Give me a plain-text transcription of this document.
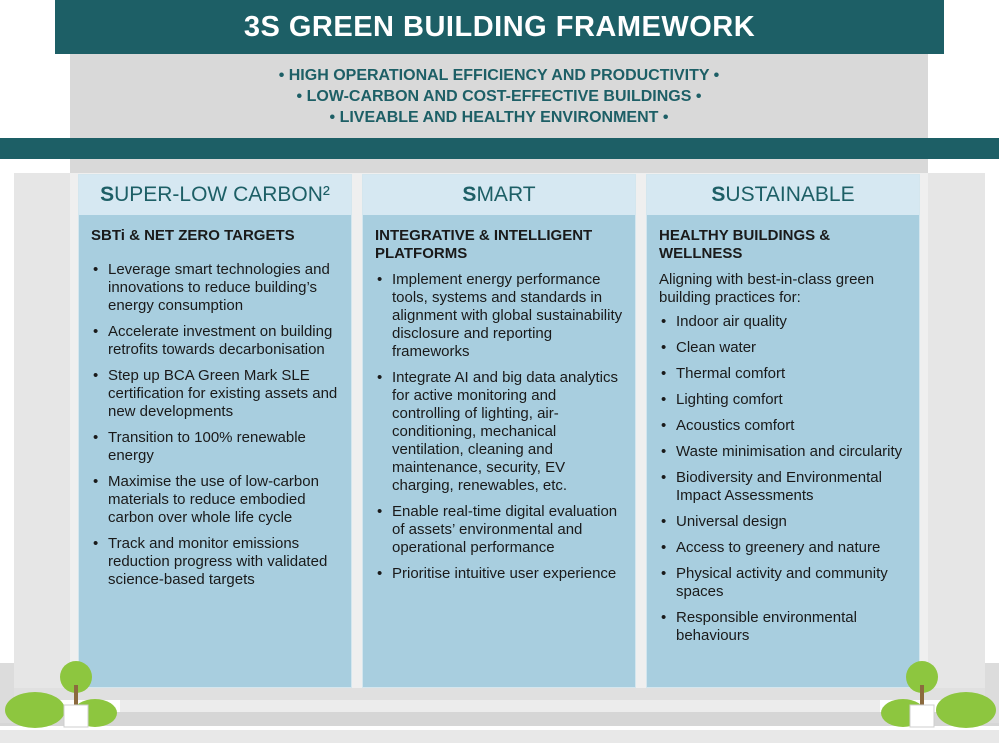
3S GREEN BUILDING FRAMEWORK
• HIGH OPERATIONAL EFFICIENCY AND PRODUCTIVITY •
• LOW-CARBON AND COST-EFFECTIVE BUILDINGS •
• LIVEABLE AND HEALTHY ENVIRONMENT •
S UPER-LOW CARBON²
SBTi & NET ZERO TARGETS
• Leverage smart technologies and innovations to reduce building’s energy consumption
• Accelerate investment on building retrofits towards decarbonisation
• Step up BCA Green Mark SLE certification for existing assets and new developments
• Transition to 100% renewable energy
• Maximise the use of low-carbon materials to reduce embodied carbon over whole life cycle
• Track and monitor emissions reduction progress with validated science-based targets
S MART
INTEGRATIVE & INTELLIGENT PLATFORMS
• Implement energy performance tools, systems and standards in alignment with global sustainability disclosure and reporting frameworks
• Integrate AI and big data analytics for active monitoring and controlling of lighting, air-conditioning, mechanical ventilation, cleaning and maintenance, security, EV charging, renewables, etc.
• Enable real-time digital evaluation of assets’ environmental and operational performance
• Prioritise intuitive user experience
S USTAINABLE
HEALTHY BUILDINGS & WELLNESS
Aligning with best-in-class green building practices for:
• Indoor air quality
• Clean water
• Thermal comfort
• Lighting comfort
• Acoustics comfort
• Waste minimisation and circularity
• Biodiversity and Environmental Impact Assessments
• Universal design
• Access to greenery and nature
• Physical activity and community spaces
• Responsible environmental behaviours
